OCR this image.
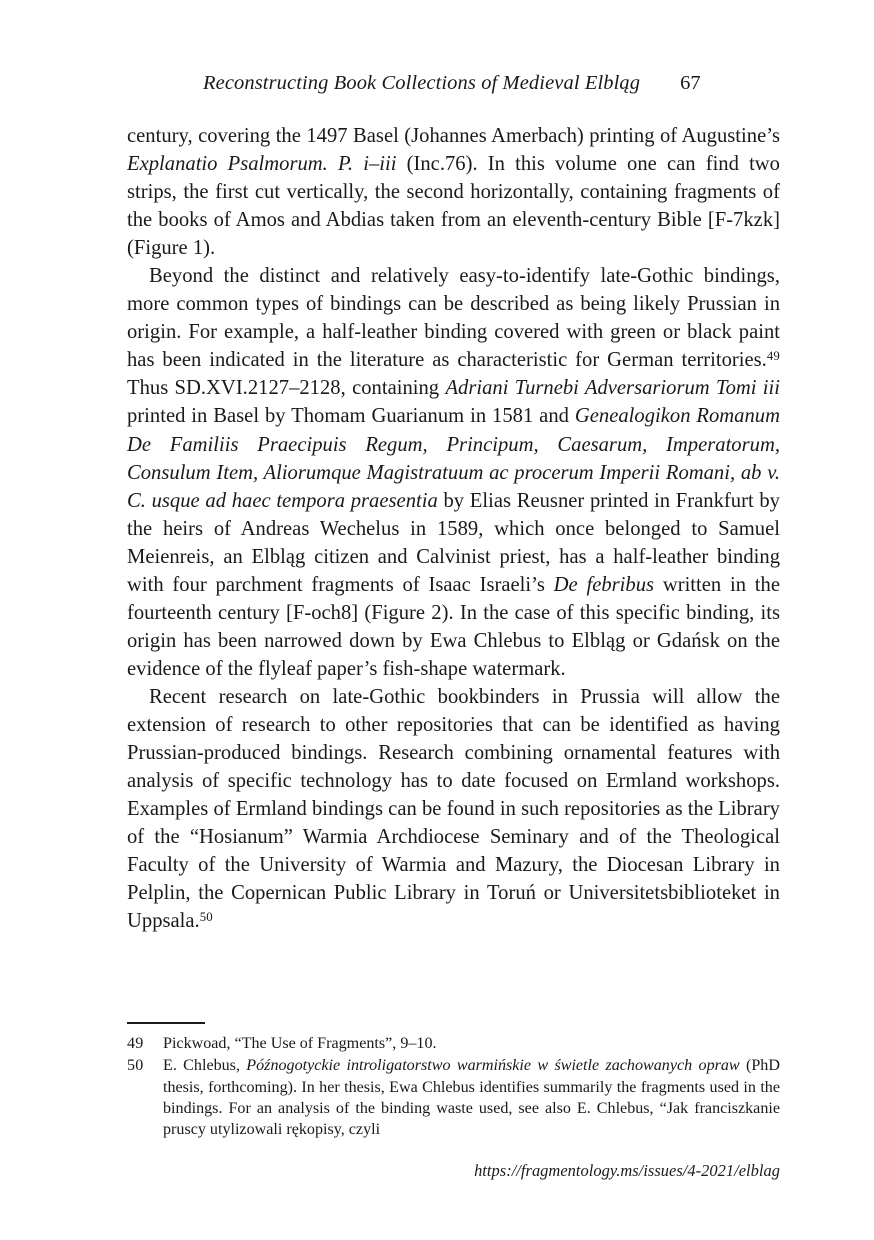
Reconstructing Book Collections of Medieval Elbląg 67

century, covering the 1497 Basel (Johannes Amerbach) printing of Augustine’s Explanatio Psalmorum. P. i–iii (Inc.76). In this volume one can find two strips, the first cut vertically, the second horizontally, containing fragments of the books of Amos and Abdias taken from an eleventh-century Bible [F-7kzk] (Figure 1).

Beyond the distinct and relatively easy-to-identify late-Gothic bindings, more common types of bindings can be described as being likely Prussian in origin. For example, a half-leather binding covered with green or black paint has been indicated in the literature as characteristic for German territories.$^{49}$ Thus SD.XVI.2127–2128, containing Adriani Turnebi Adversariorum Tomi iii printed in Basel by Thomam Guarianum in 1581 and Genealogikon Romanum De Familiis Praecipuis Regum, Principum, Caesarum, Imperatorum, Consulum Item, Aliorumque Magistratuum ac procerum Imperii Romani, ab v. C. usque ad haec tempora praesentia by Elias Reusner printed in Frankfurt by the heirs of Andreas Wechelus in 1589, which once belonged to Samuel Meienreis, an Elbląg citizen and Calvinist priest, has a half-leather binding with four parchment fragments of Isaac Israeli’s De febribus written in the fourteenth century [F-och8] (Figure 2). In the case of this specific binding, its origin has been narrowed down by Ewa Chlebus to Elbląg or Gdańsk on the evidence of the flyleaf paper’s fish-shape watermark.

Recent research on late-Gothic bookbinders in Prussia will allow the extension of research to other repositories that can be identified as having Prussian-produced bindings. Research combining ornamental features with analysis of specific technology has to date focused on Ermland workshops. Examples of Ermland bindings can be found in such repositories as the Library of the “Hosianum” Warmia Archdiocese Seminary and of the Theological Faculty of the University of Warmia and Mazury, the Diocesan Library in Pelplin, the Copernican Public Library in Toruń or Universitetsbiblioteket in Uppsala.$^{50}$

49	Pickwoad, “The Use of Fragments”, 9–10.
50	E. Chlebus, Późnogotyckie introligatorstwo warmińskie w świetle zachowanych opraw (PhD thesis, forthcoming). In her thesis, Ewa Chlebus identifies summarily the fragments used in the bindings. For an analysis of the binding waste used, see also E. Chlebus, “Jak franciszkanie pruscy utylizowali rękopisy, czyli
https://fragmentology.ms/issues/4-2021/elblag
